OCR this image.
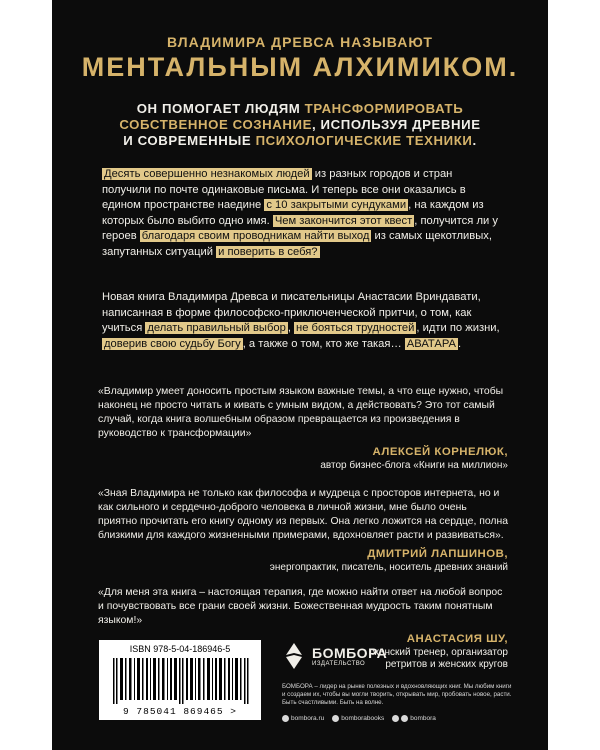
ВЛАДИМИРА ДРЕВСА НАЗЫВАЮТ
МЕНТАЛЬНЫМ АЛХИМИКОМ.
ОН ПОМОГАЕТ ЛЮДЯМ ТРАНСФОРМИРОВАТЬ
СОБСТВЕННОЕ СОЗНАНИЕ, ИСПОЛЬЗУЯ ДРЕВНИЕ
И СОВРЕМЕННЫЕ ПСИХОЛОГИЧЕСКИЕ ТЕХНИКИ.
Десять совершенно незнакомых людей из разных городов и стран получили по почте одинаковые письма. И теперь все они оказались в едином пространстве наедине с 10 закрытыми сундуками , на каждом из которых было выбито одно имя. Чем закончится этот квест , получится ли у героев благодаря своим проводникам найти выход из самых щекотливых, запутанных ситуаций и поверить в себя?
Новая книга Владимира Древса и писательницы Анастасии Вриндавати, написанная в форме философско-приключенческой притчи, о том, как учиться делать правильный выбор , не бояться трудностей , идти по жизни, доверив свою судьбу Богу , а также о том, кто же такая… АВАТАРА .
«Владимир умеет доносить простым языком важные темы, а что еще нужно, чтобы наконец не просто читать и кивать с умным видом, а действовать? Это тот самый случай, когда книга волшебным образом превращается из произведения в руководство к трансформации»
АЛЕКСЕЙ КОРНЕЛЮК,
автор бизнес-блога «Книги на миллион»
«Зная Владимира не только как философа и мудреца с просторов интернета, но и как сильного и сердечно-доброго человека в личной жизни, мне было очень приятно прочитать его книгу одному из первых. Она легко ложится на сердце, полна близкими для каждого жизненными примерами, вдохновляет расти и развиваться».
ДМИТРИЙ ЛАПШИНОВ,
энергопрактик, писатель, носитель древних знаний
«Для меня эта книга – настоящая терапия, где можно найти ответ на любой вопрос и почувствовать все грани своей жизни. Божественная мудрость таким понятным языком!»
АНАСТАСИЯ ШУ,
женский тренер, организатор ретритов и женских кругов
ISBN 978-5-04-186946-5
9 785041 869465 >
БОМБОРА
ИЗДАТЕЛЬСТВО
БОМБОРА – лидер на рынке полезных и вдохновляющих книг. Мы любим книги и создаем их, чтобы вы могли творить, открывать мир, пробовать новое, расти. Быть счастливыми. Быть на волне.
bombora.ru	bomborabooks	bombora
